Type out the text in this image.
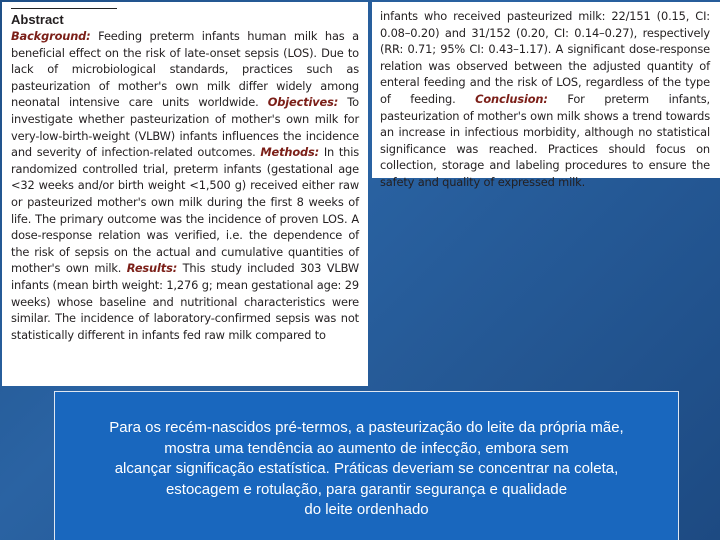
Abstract
Background: Feeding preterm infants human milk has a beneficial effect on the risk of late-onset sepsis (LOS). Due to lack of microbiological standards, practices such as pasteurization of mother's own milk differ widely among neonatal intensive care units worldwide. Objectives: To investigate whether pasteurization of mother's own milk for very-low-birth-weight (VLBW) infants influences the incidence and severity of infection-related outcomes. Methods: In this randomized controlled trial, preterm infants (gestational age <32 weeks and/or birth weight <1,500 g) received either raw or pasteurized mother's own milk during the first 8 weeks of life. The primary outcome was the incidence of proven LOS. A dose-response relation was verified, i.e. the dependence of the risk of sepsis on the actual and cumulative quantities of mother's own milk. Results: This study included 303 VLBW infants (mean birth weight: 1,276 g; mean gestational age: 29 weeks) whose baseline and nutritional characteristics were similar. The incidence of laboratory-confirmed sepsis was not statistically different in infants fed raw milk compared to
infants who received pasteurized milk: 22/151 (0.15, CI: 0.08–0.20) and 31/152 (0.20, CI: 0.14–0.27), respectively (RR: 0.71; 95% CI: 0.43–1.17). A significant dose-response relation was observed between the adjusted quantity of enteral feeding and the risk of LOS, regardless of the type of feeding. Conclusion: For preterm infants, pasteurization of mother's own milk shows a trend towards an increase in infectious morbidity, although no statistical significance was reached. Practices should focus on collection, storage and labeling procedures to ensure the safety and quality of expressed milk.

Para os recém-nascidos pré-termos, a pasteurização do leite da própria mãe,
mostra uma tendência ao aumento de infecção, embora sem
alcançar significação estatística. Práticas deveriam se concentrar na coleta,
estocagem e rotulação, para garantir segurança e qualidade
do leite ordenhado
